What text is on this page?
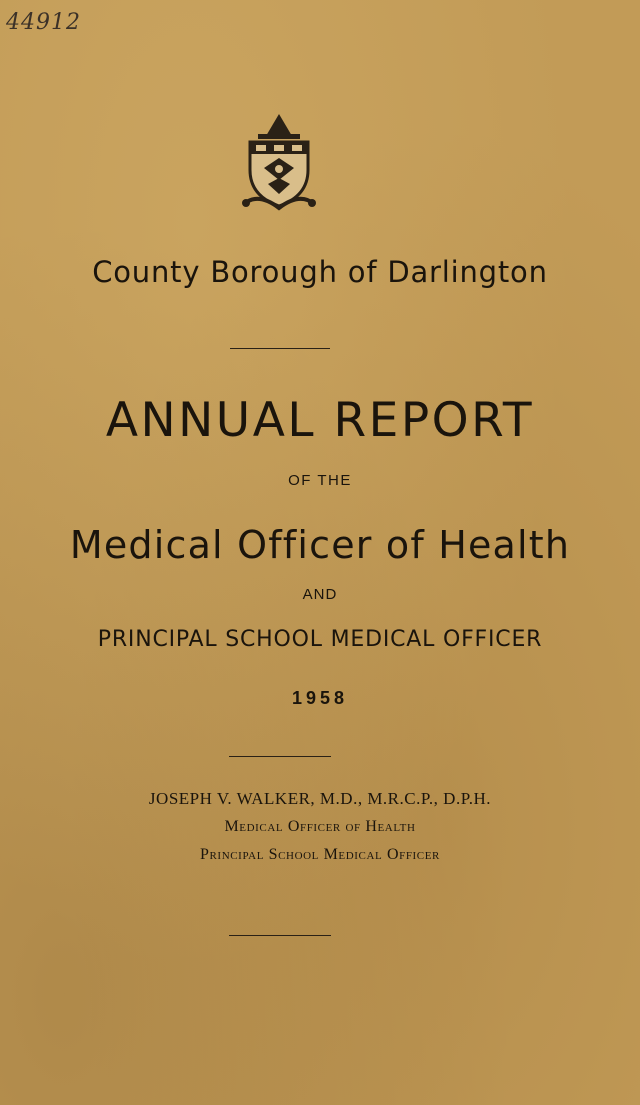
44912
County Borough of Darlington
ANNUAL REPORT
OF THE
Medical Officer of Health
AND
PRINCIPAL SCHOOL MEDICAL OFFICER
1958
JOSEPH V. WALKER, M.D., M.R.C.P., D.P.H.
Medical Officer of Health
Principal School Medical Officer
